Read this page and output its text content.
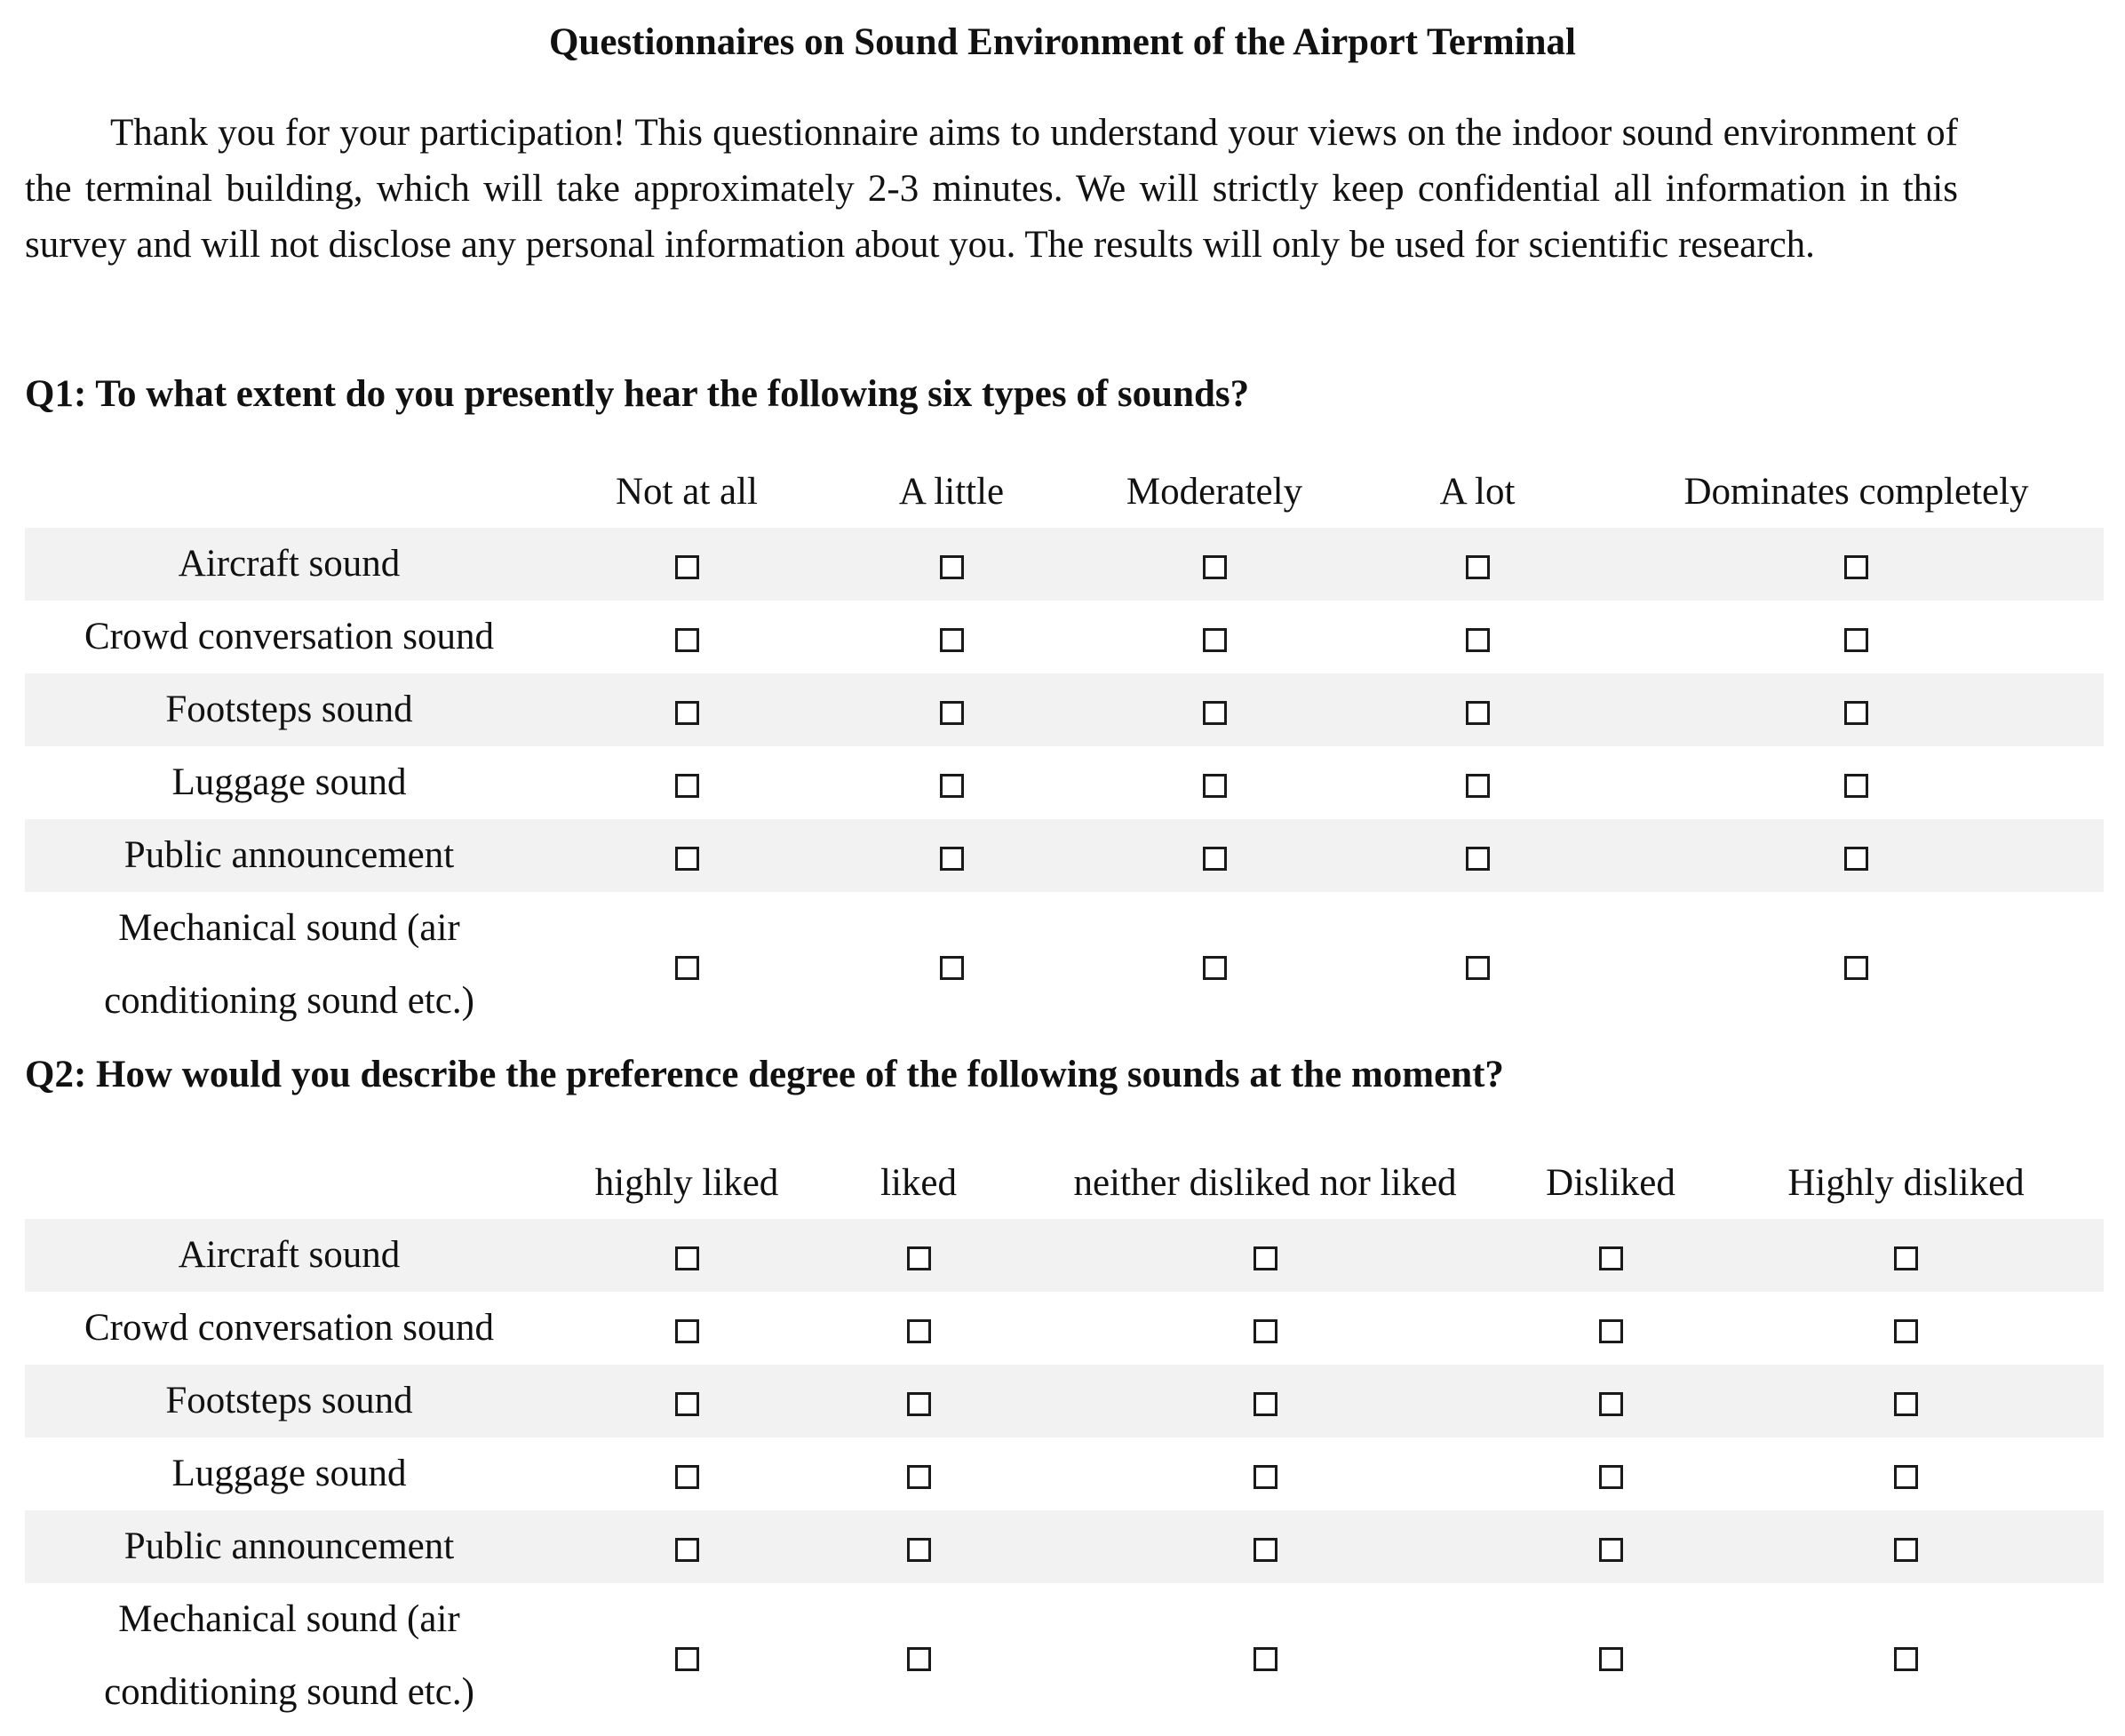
Questionnaires on Sound Environment of the Airport Terminal
Thank you for your participation! This questionnaire aims to understand your views on the indoor sound environment of the terminal building, which will take approximately 2-3 minutes. We will strictly keep confidential all information in this survey and will not disclose any personal information about you. The results will only be used for scientific research.
Q1: To what extent do you presently hear the following six types of sounds?
	Not at all	A little	Moderately	A lot	Dominates completely
Aircraft sound					
Crowd conversation sound					
Footsteps sound					
Luggage sound					
Public announcement					
Mechanical sound (air conditioning sound etc.)					
Q2: How would you describe the preference degree of the following sounds at the moment?
	highly liked	liked	neither disliked nor liked	Disliked	Highly disliked
Aircraft sound					
Crowd conversation sound					
Footsteps sound					
Luggage sound					
Public announcement					
Mechanical sound (air conditioning sound etc.)					
